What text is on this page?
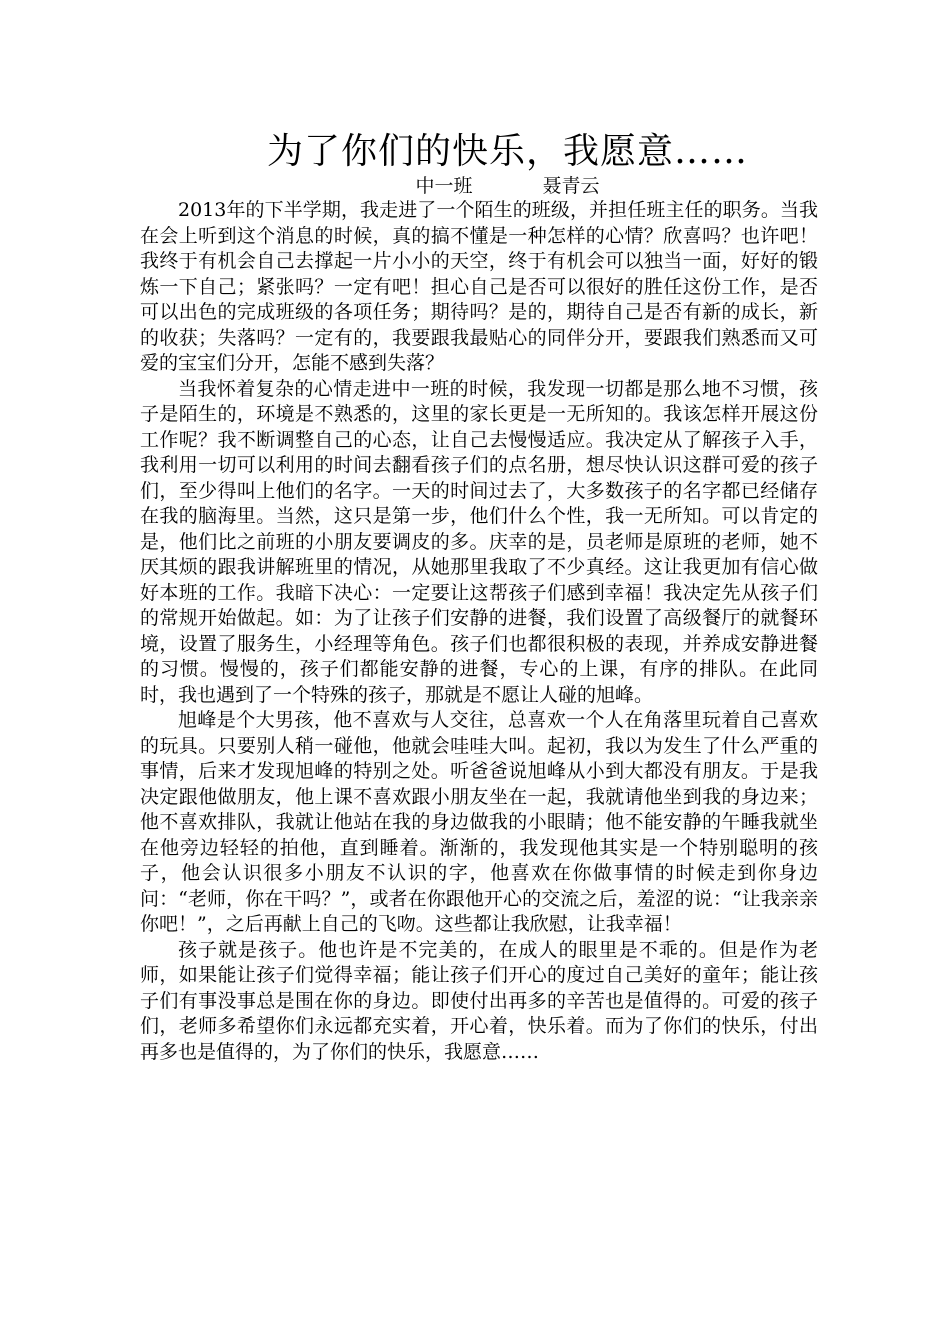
为了你们的快乐，我愿意……
中一班	聂青云

2013年的下半学期，我走进了一个陌生的班级，并担任班主任的职务。当我在会上听到这个消息的时候，真的搞不懂是一种怎样的心情？欣喜吗？也许吧！我终于有机会自己去撑起一片小小的天空，终于有机会可以独当一面，好好的锻炼一下自己；紧张吗？一定有吧！担心自己是否可以很好的胜任这份工作，是否可以出色的完成班级的各项任务；期待吗？是的，期待自己是否有新的成长，新的收获；失落吗？一定有的，我要跟我最贴心的同伴分开，要跟我们熟悉而又可爱的宝宝们分开，怎能不感到失落？

当我怀着复杂的心情走进中一班的时候，我发现一切都是那么地不习惯，孩子是陌生的，环境是不熟悉的，这里的家长更是一无所知的。我该怎样开展这份工作呢？我不断调整自己的心态，让自己去慢慢适应。我决定从了解孩子入手，我利用一切可以利用的时间去翻看孩子们的点名册，想尽快认识这群可爱的孩子们，至少得叫上他们的名字。一天的时间过去了，大多数孩子的名字都已经储存在我的脑海里。当然，这只是第一步，他们什么个性，我一无所知。可以肯定的是，他们比之前班的小朋友要调皮的多。庆幸的是，员老师是原班的老师，她不厌其烦的跟我讲解班里的情况，从她那里我取了不少真经。这让我更加有信心做好本班的工作。我暗下决心：一定要让这帮孩子们感到幸福！我决定先从孩子们的常规开始做起。如：为了让孩子们安静的进餐，我们设置了高级餐厅的就餐环境，设置了服务生，小经理等角色。孩子们也都很积极的表现，并养成安静进餐的习惯。慢慢的，孩子们都能安静的进餐，专心的上课，有序的排队。在此同时，我也遇到了一个特殊的孩子，那就是不愿让人碰的旭峰。

旭峰是个大男孩，他不喜欢与人交往，总喜欢一个人在角落里玩着自己喜欢的玩具。只要别人稍一碰他，他就会哇哇大叫。起初，我以为发生了什么严重的事情，后来才发现旭峰的特别之处。听爸爸说旭峰从小到大都没有朋友。于是我决定跟他做朋友，他上课不喜欢跟小朋友坐在一起，我就请他坐到我的身边来；他不喜欢排队，我就让他站在我的身边做我的小眼睛；他不能安静的午睡我就坐在他旁边轻轻的拍他，直到睡着。渐渐的，我发现他其实是一个特别聪明的孩子，他会认识很多小朋友不认识的字，他喜欢在你做事情的时候走到你身边问：“老师，你在干吗？”，或者在你跟他开心的交流之后，羞涩的说：“让我亲亲你吧！”，之后再献上自己的飞吻。这些都让我欣慰，让我幸福！

孩子就是孩子。他也许是不完美的，在成人的眼里是不乖的。但是作为老师，如果能让孩子们觉得幸福；能让孩子们开心的度过自己美好的童年；能让孩子们有事没事总是围在你的身边。即使付出再多的辛苦也是值得的。可爱的孩子们，老师多希望你们永远都充实着，开心着，快乐着。而为了你们的快乐，付出再多也是值得的，为了你们的快乐，我愿意……
